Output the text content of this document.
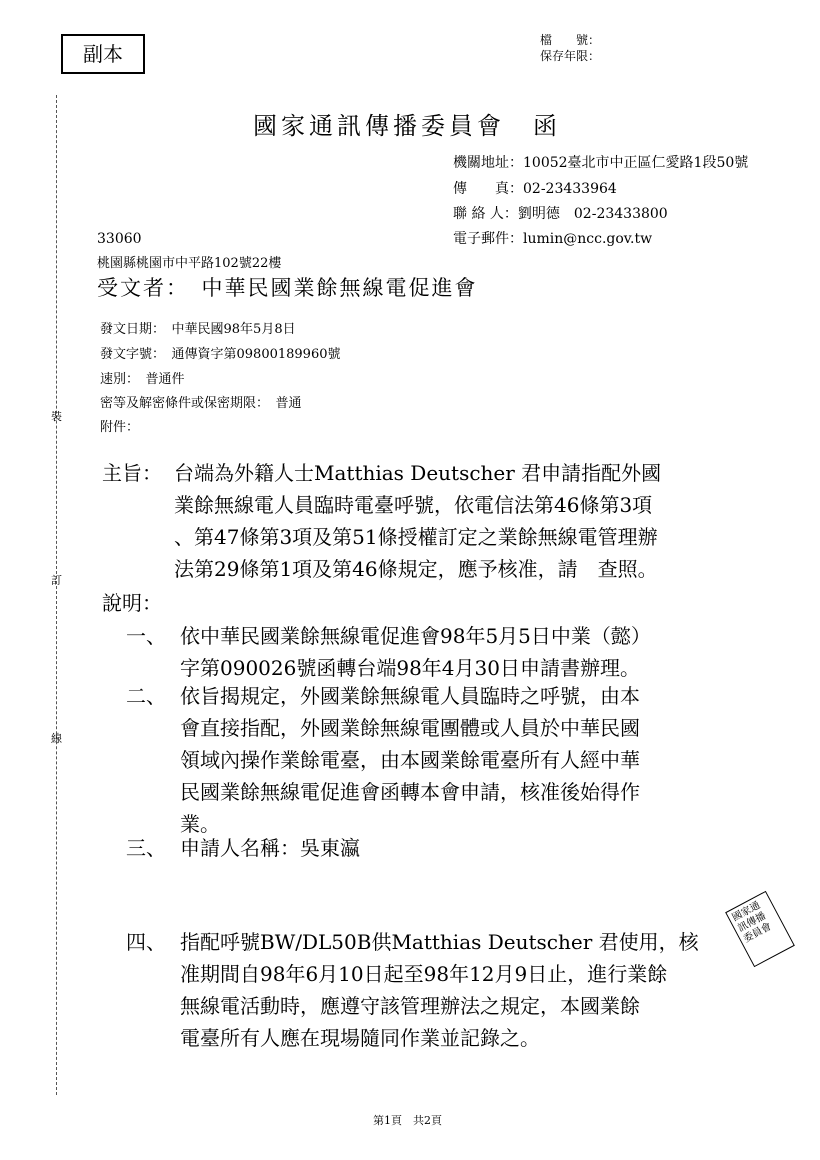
裝
訂
線
副本
檔　　號：
保存年限：
國家通訊傳播委員會　函
機關地址：10052臺北市中正區仁愛路1段50號
傳　　真：02-23433964
聯 絡 人：劉明德　02-23433800
電子郵件：lumin@ncc.gov.tw
33060
桃園縣桃園市中平路102號22樓
受文者：　中華民國業餘無線電促進會
發文日期：　中華民國98年5月8日
發文字號：　通傳資字第09800189960號
速別：　普通件
密等及解密條件或保密期限：　普通
附件：
主旨： 台端為外籍人士Matthias Deutscher 君申請指配外國
業餘無線電人員臨時電臺呼號，依電信法第46條第3項
、第47條第3項及第51條授權訂定之業餘無線電管理辦
法第29條第1項及第46條規定，應予核准，請　查照。
說明：
一、 依中華民國業餘無線電促進會98年5月5日中業（懿）
字第090026號函轉台端98年4月30日申請書辦理。
二、 依旨揭規定，外國業餘無線電人員臨時之呼號，由本
會直接指配，外國業餘無線電團體或人員於中華民國
領域內操作業餘電臺，由本國業餘電臺所有人經中華
民國業餘無線電促進會函轉本會申請，核准後始得作
業。
三、 申請人名稱：吳東瀛
四、 指配呼號BW/DL50B供Matthias Deutscher 君使用，核
准期間自98年6月10日起至98年12月9日止，進行業餘
無線電活動時，應遵守該管理辦法之規定，本國業餘
電臺所有人應在現場隨同作業並記錄之。
國家通訊傳播委員會
第1頁　共2頁
